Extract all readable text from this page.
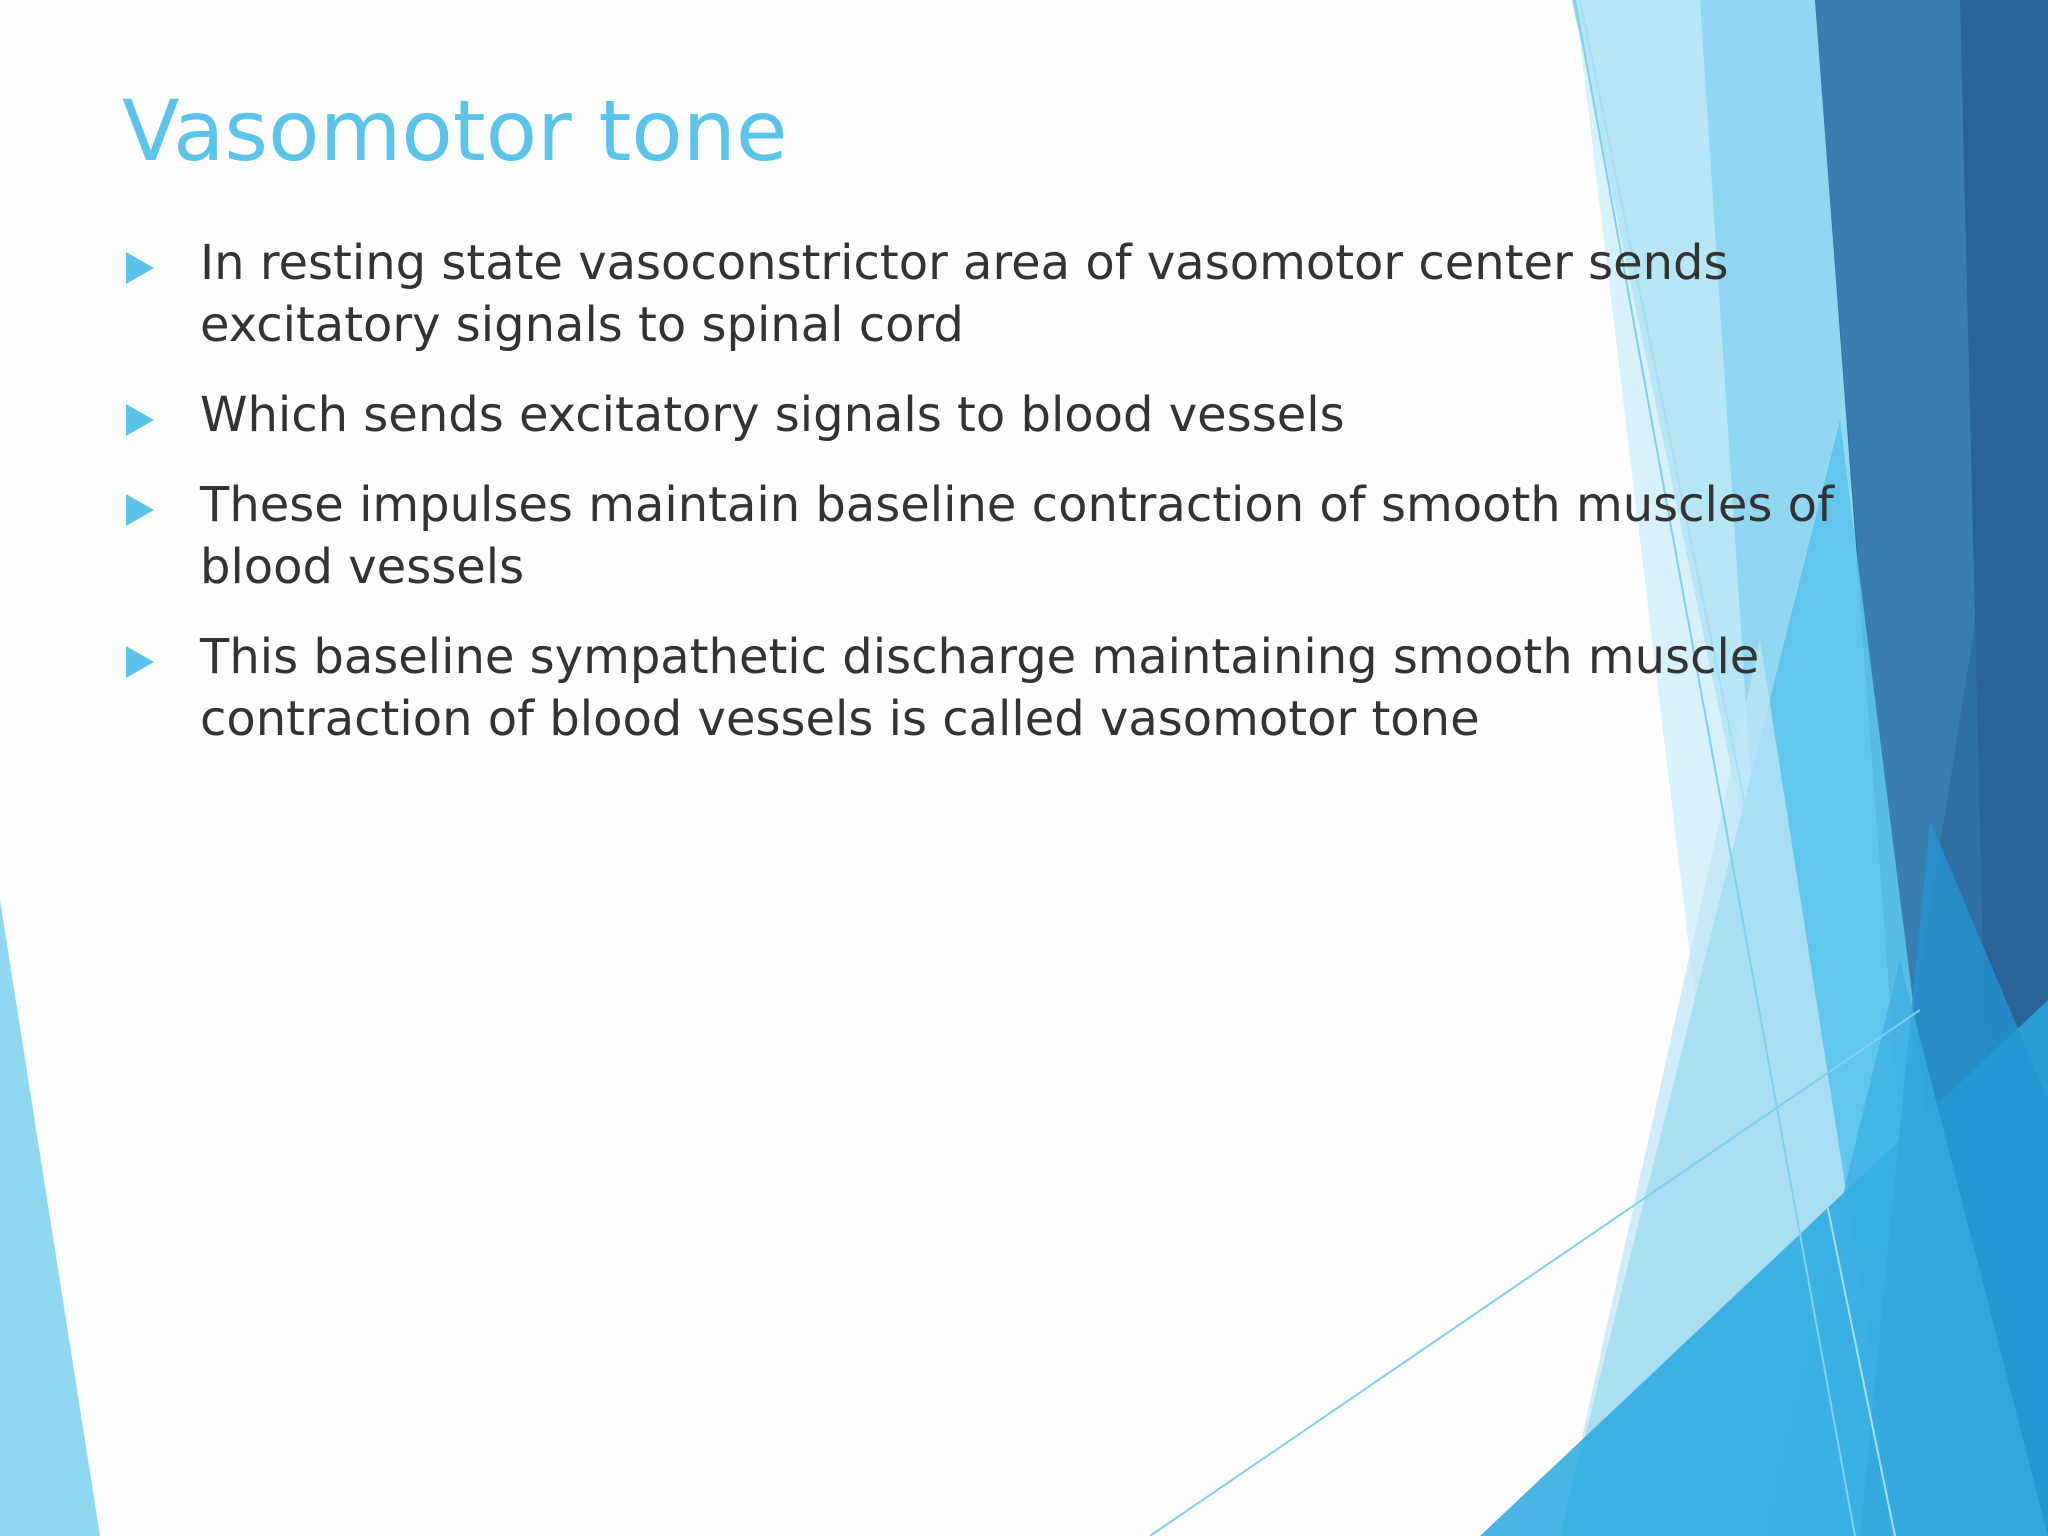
Vasomotor tone
In resting state vasoconstrictor area of vasomotor center sends excitatory signals to spinal cord
Which sends excitatory signals to blood vessels
These impulses maintain baseline contraction of smooth muscles of blood vessels
This baseline sympathetic discharge maintaining smooth muscle contraction of blood vessels is called vasomotor tone
